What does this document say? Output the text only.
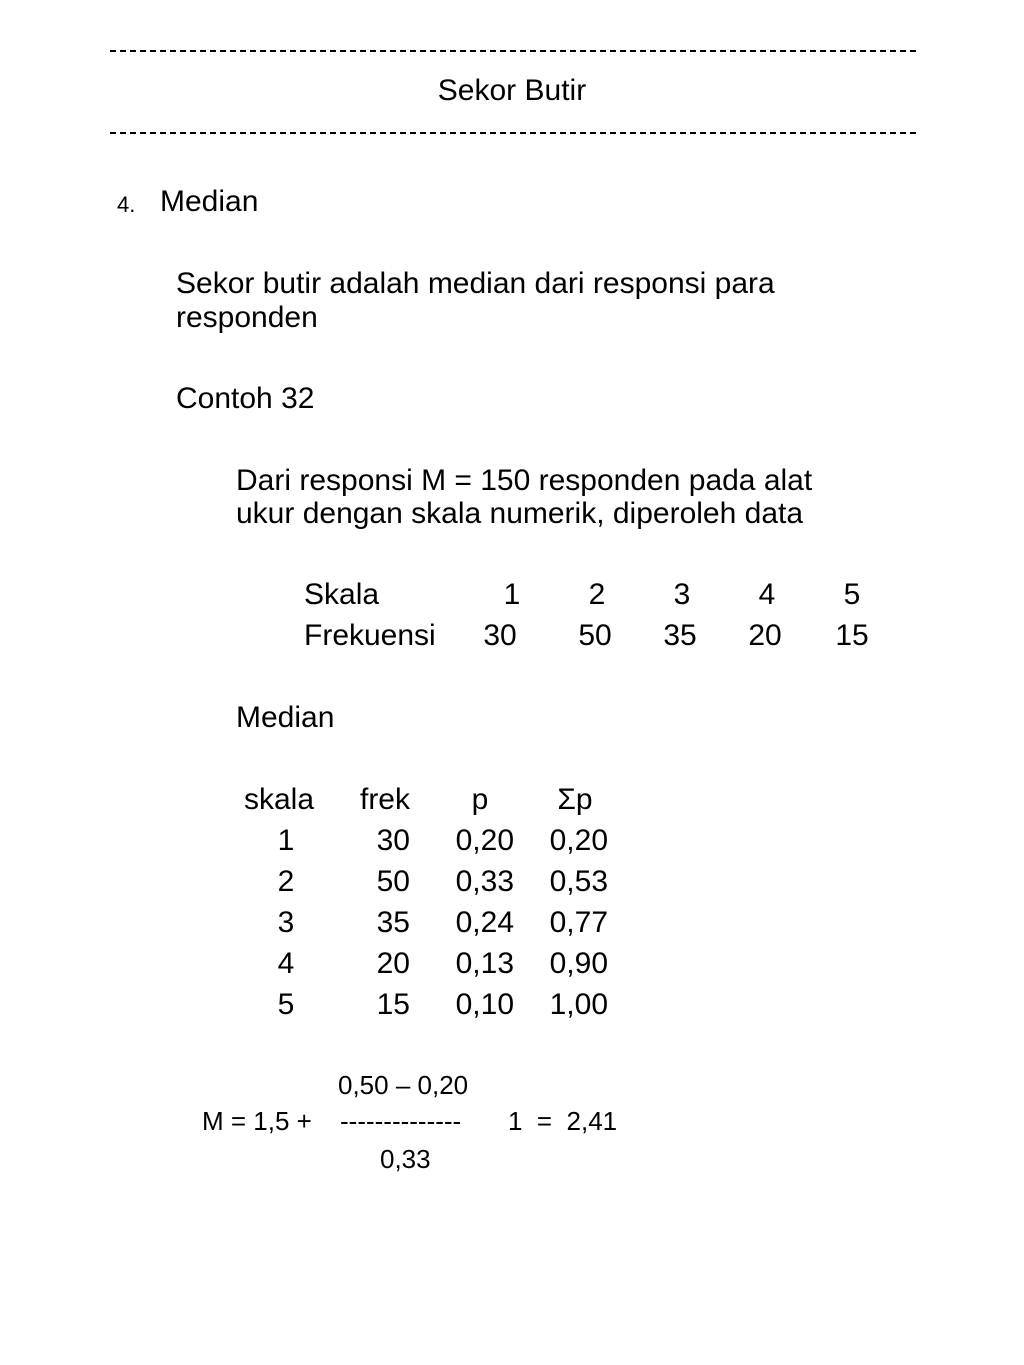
Sekor Butir
4. Median
Sekor butir adalah median dari responsi para
responden
Contoh 32
Dari responsi M = 150 responden pada alat
ukur dengan skala numerik, diperoleh data
Skala	1	2	3	4	5
Frekuensi 30 50 35 20 15
Median
skala	frek	p	Σp
1	30	0,20	0,20
2	50	0,33	0,53
3	35	0,24	0,77
4	20	0,13	0,90
5	15	0,10	1,00
0,50 – 0,20
M = 1,5 + -------------- 1  =  2,41
0,33
